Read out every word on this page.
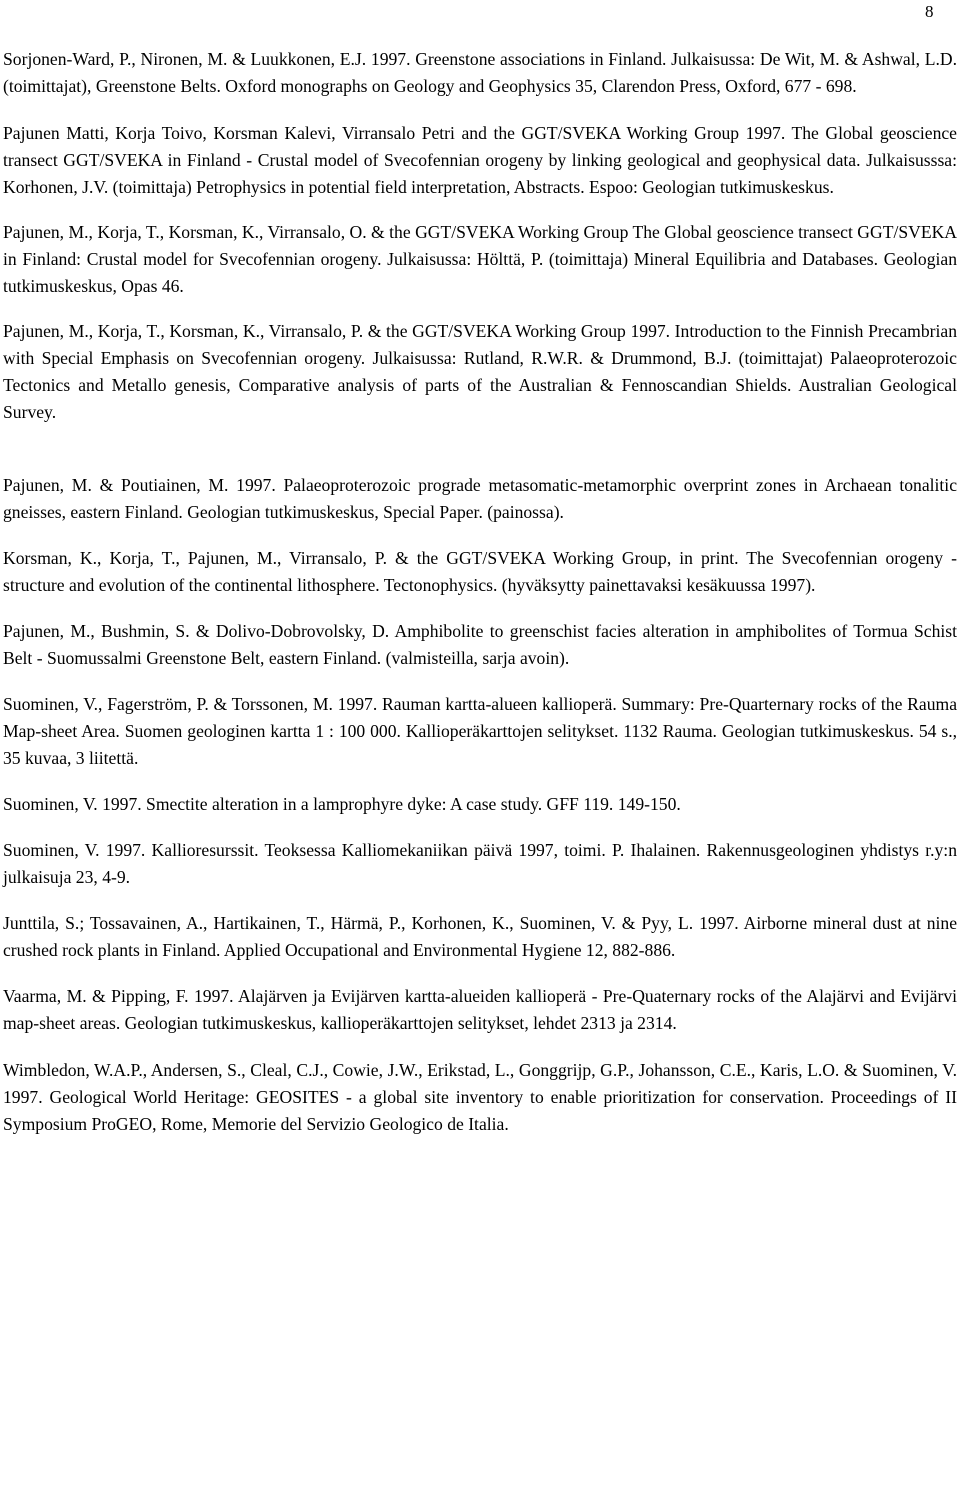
8

Sorjonen-Ward, P., Nironen, M. & Luukkonen, E.J. 1997. Greenstone associations in Finland. Julkaisussa: De Wit, M. & Ashwal, L.D. (toimittajat), Greenstone Belts. Oxford monographs on Geology and Geophysics 35, Clarendon Press, Oxford, 677 - 698.

Pajunen Matti, Korja Toivo, Korsman Kalevi, Virransalo Petri and the GGT/SVEKA Working Group 1997. The Global geoscience transect GGT/SVEKA in Finland - Crustal model of Svecofennian orogeny by linking geological and geophysical data. Julkaisusssa: Korhonen, J.V. (toimittaja) Petrophysics in potential field interpretation, Abstracts. Espoo: Geologian tutkimuskeskus.

Pajunen, M., Korja, T., Korsman, K., Virransalo, O. & the GGT/SVEKA Working Group The Global geoscience transect GGT/SVEKA in Finland: Crustal model for Svecofennian orogeny. Julkaisussa: Hölttä, P. (toimittaja) Mineral Equilibria and Databases. Geologian tutkimuskeskus, Opas 46.

Pajunen, M., Korja, T., Korsman, K., Virransalo, P. & the GGT/SVEKA Working Group 1997. Introduction to the Finnish Precambrian with Special Emphasis on Svecofennian orogeny. Julkaisussa: Rutland, R.W.R. & Drummond, B.J. (toimittajat) Palaeoproterozoic Tectonics and Metallo genesis, Comparative analysis of parts of the Australian & Fennoscandian Shields. Australian Geological Survey.

Pajunen, M. & Poutiainen, M. 1997. Palaeoproterozoic prograde metasomatic-metamorphic overprint zones in Archaean tonalitic gneisses, eastern Finland. Geologian tutkimuskeskus, Special Paper. (painossa).

Korsman, K., Korja, T., Pajunen, M., Virransalo, P. & the GGT/SVEKA Working Group, in print. The Svecofennian orogeny - structure and evolution of the continental lithosphere. Tectonophysics. (hyväksytty painettavaksi kesäkuussa 1997).

Pajunen, M., Bushmin, S. & Dolivo-Dobrovolsky, D. Amphibolite to greenschist facies alteration in amphibolites of Tormua Schist Belt - Suomussalmi Greenstone Belt, eastern Finland. (valmisteilla, sarja avoin).

Suominen, V., Fagerström, P. & Torssonen, M. 1997. Rauman kartta-alueen kallioperä. Summary: Pre-Quarternary rocks of the Rauma Map-sheet Area. Suomen geologinen kartta 1 : 100 000. Kallioperäkarttojen selitykset. 1132 Rauma. Geologian tutkimuskeskus. 54 s., 35 kuvaa, 3 liitettä.

Suominen, V. 1997. Smectite alteration in a lamprophyre dyke: A case study. GFF 119. 149-150.

Suominen, V. 1997. Kallioresurssit. Teoksessa Kalliomekaniikan päivä 1997, toimi. P. Ihalainen. Rakennusgeologinen yhdistys r.y:n julkaisuja 23, 4-9.

Junttila, S.; Tossavainen, A., Hartikainen, T., Härmä, P., Korhonen, K., Suominen, V. & Pyy, L. 1997. Airborne mineral dust at nine crushed rock plants in Finland. Applied Occupational and Environmental Hygiene 12, 882-886.

Vaarma, M. & Pipping, F. 1997. Alajärven ja Evijärven kartta-alueiden kallioperä - Pre-Quaternary rocks of the Alajärvi and Evijärvi map-sheet areas. Geologian tutkimuskeskus, kallioperäkarttojen selitykset, lehdet 2313 ja 2314.

Wimbledon, W.A.P., Andersen, S., Cleal, C.J., Cowie, J.W., Erikstad, L., Gonggrijp, G.P., Johansson, C.E., Karis, L.O. & Suominen, V. 1997. Geological World Heritage: GEOSITES - a global site inventory to enable prioritization for conservation. Proceedings of II Symposium ProGEO, Rome, Memorie del Servizio Geologico de Italia.
